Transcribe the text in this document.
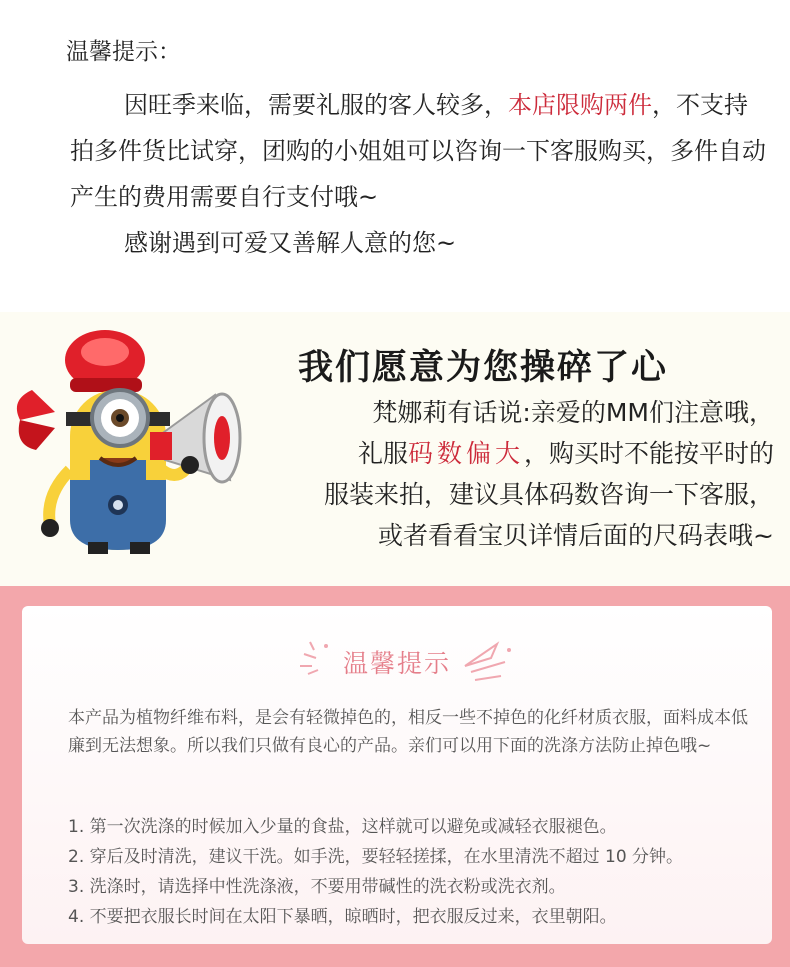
温馨提示：
因旺季来临，需要礼服的客人较多，本店限购两件，不支持拍多件货比试穿，团购的小姐姐可以咨询一下客服购买，多件自动产生的费用需要自行支付哦~
感谢遇到可爱又善解人意的您~
我们愿意为您操碎了心
梵娜莉有话说:亲爱的MM们注意哦，
礼服码数偏大，购买时不能按平时的
服装来拍，建议具体码数咨询一下客服，
或者看看宝贝详情后面的尺码表哦~
温馨提示
本产品为植物纤维布料，是会有轻微掉色的，相反一些不掉色的化纤材质衣服，面料成本低廉到无法想象。所以我们只做有良心的产品。亲们可以用下面的洗涤方法防止掉色哦~
1. 第一次洗涤的时候加入少量的食盐，这样就可以避免或减轻衣服褪色。
2. 穿后及时清洗，建议干洗。如手洗，要轻轻搓揉，在水里清洗不超过 10 分钟。
3. 洗涤时，请选择中性洗涤液，不要用带碱性的洗衣粉或洗衣剂。
4. 不要把衣服长时间在太阳下暴晒，晾晒时，把衣服反过来，衣里朝阳。
